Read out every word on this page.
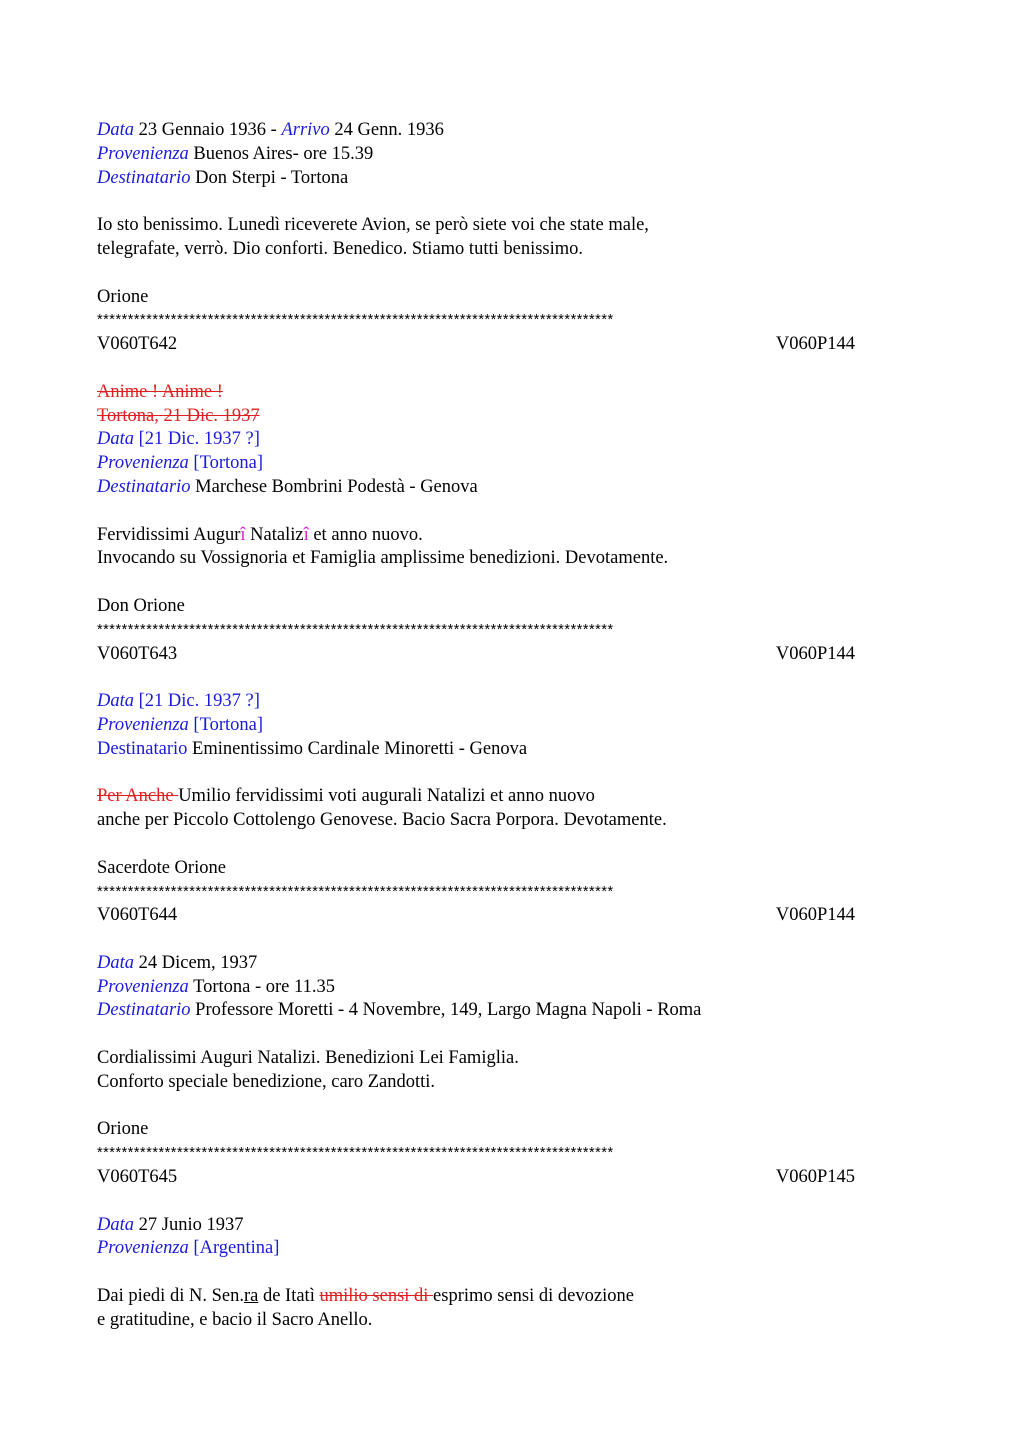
Data 23 Gennaio 1936 - Arrivo 24 Genn. 1936
Provenienza Buenos Aires- ore 15.39
Destinatario Don Sterpi - Tortona
Io sto benissimo. Lunedì riceverete Avion, se però siete voi che state male,
telegrafate, verrò. Dio conforti. Benedico. Stiamo tutti benissimo.
Orione
************************************************************************************
V060T642	V060P144
Anime ! Anime !
Tortona, 21 Dic. 1937
Data [21 Dic. 1937 ?]
Provenienza [Tortona]
Destinatario Marchese Bombrini Podestà - Genova
Fervidissimi Augurî Natalizî et anno nuovo.
Invocando su Vossignoria et Famiglia amplissime benedizioni. Devotamente.
Don Orione
************************************************************************************
V060T643	V060P144
Data [21 Dic. 1937 ?]
Provenienza [Tortona]
Destinatario Eminentissimo Cardinale Minoretti - Genova
Per Anche Umilio fervidissimi voti augurali Natalizi et anno nuovo
anche per Piccolo Cottolengo Genovese. Bacio Sacra Porpora. Devotamente.
Sacerdote Orione
************************************************************************************
V060T644	V060P144
Data 24 Dicem, 1937
Provenienza Tortona - ore 11.35
Destinatario Professore Moretti - 4 Novembre, 149, Largo Magna Napoli - Roma
Cordialissimi Auguri Natalizi. Benedizioni Lei Famiglia.
Conforto speciale benedizione, caro Zandotti.
Orione
************************************************************************************
V060T645	V060P145
Data 27 Junio 1937
Provenienza [Argentina]
Dai piedi di N. Sen.ra de Itatì umilio sensi di esprimo sensi di devozione
e gratitudine, e bacio il Sacro Anello.
